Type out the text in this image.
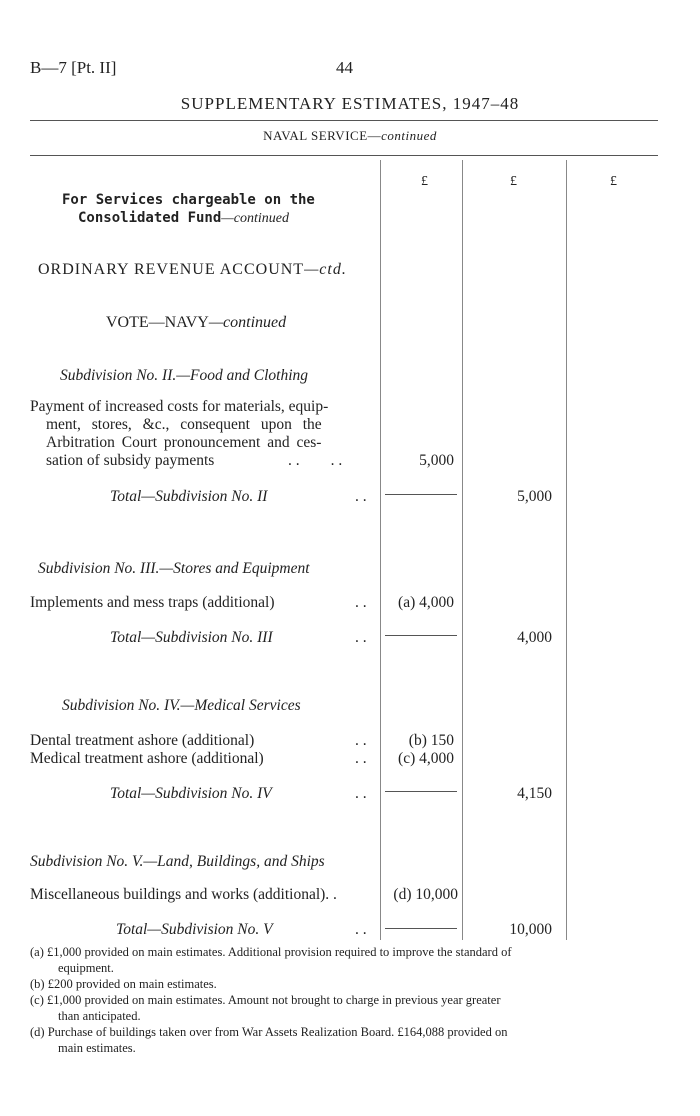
B—7 [Pt. II]	44
SUPPLEMENTARY ESTIMATES, 1947–48
NAVAL SERVICE—continued
£	£	£
For Services chargeable on the
Consolidated Fund—continued
ORDINARY REVENUE ACCOUNT—ctd.
VOTE—NAVY—continued
Subdivision No. II.—Food and Clothing
Payment of increased costs for materials, equip-
ment, stores, &c., consequent upon the
Arbitration Court pronouncement and ces-
sation of subsidy payments	. .        . .	5,000
Total—Subdivision No. II	. .	5,000
Subdivision No. III.—Stores and Equipment
Implements and mess traps (additional)	. .	(a) 4,000
Total—Subdivision No. III	. .	4,000
Subdivision No. IV.—Medical Services
Dental treatment ashore (additional)	. .	(b) 150
Medical treatment ashore (additional)	. .	(c) 4,000
Total—Subdivision No. IV	. .	4,150
Subdivision No. V.—Land, Buildings, and Ships
Miscellaneous buildings and works (additional). .	(d) 10,000
Total—Subdivision No. V	. .	10,000
(a) £1,000 provided on main estimates. Additional provision required to improve the standard of
equipment.
(b) £200 provided on main estimates.
(c) £1,000 provided on main estimates. Amount not brought to charge in previous year greater
than anticipated.
(d) Purchase of buildings taken over from War Assets Realization Board. £164,088 provided on
main estimates.
